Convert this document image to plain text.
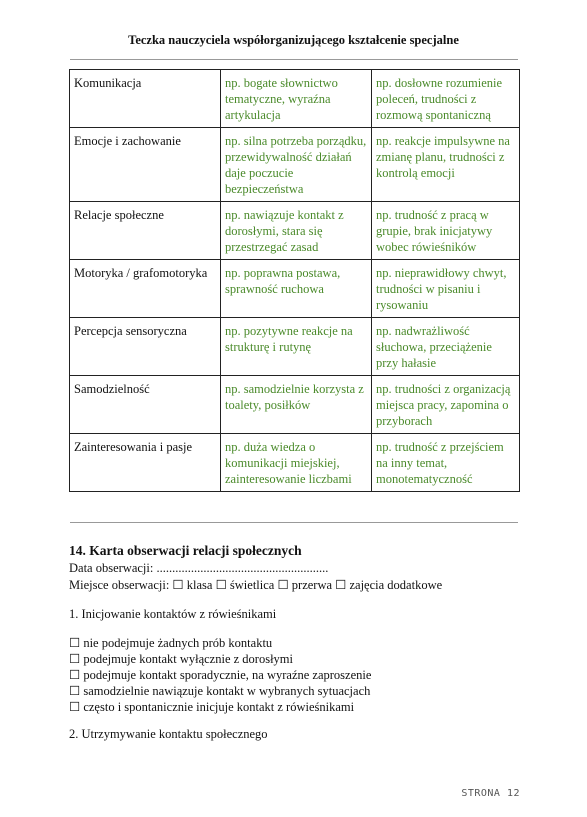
Teczka nauczyciela współorganizującego kształcenie specjalne
Komunikacja	np. bogate słownictwo tematyczne, wyraźna artykulacja	np. dosłowne rozumienie poleceń, trudności z rozmową spontaniczną
Emocje i zachowanie	np. silna potrzeba porządku, przewidywalność działań daje poczucie bezpieczeństwa	np. reakcje impulsywne na zmianę planu, trudności z kontrolą emocji
Relacje społeczne	np. nawiązuje kontakt z dorosłymi, stara się przestrzegać zasad	np. trudność z pracą w grupie, brak inicjatywy wobec rówieśników
Motoryka / grafomotoryka	np. poprawna postawa, sprawność ruchowa	np. nieprawidłowy chwyt, trudności w pisaniu i rysowaniu
Percepcja sensoryczna	np. pozytywne reakcje na strukturę i rutynę	np. nadwrażliwość słuchowa, przeciążenie przy hałasie
Samodzielność	np. samodzielnie korzysta z toalety, posiłków	np. trudności z organizacją miejsca pracy, zapomina o przyborach
Zainteresowania i pasje	np. duża wiedza o komunikacji miejskiej, zainteresowanie liczbami	np. trudność z przejściem na inny temat, monotematyczność
14. Karta obserwacji relacji społecznych
Data obserwacji: .......................................................
Miejsce obserwacji: ☐ klasa ☐ świetlica ☐ przerwa ☐ zajęcia dodatkowe
1. Inicjowanie kontaktów z rówieśnikami
☐ nie podejmuje żadnych prób kontaktu
☐ podejmuje kontakt wyłącznie z dorosłymi
☐ podejmuje kontakt sporadycznie, na wyraźne zaproszenie
☐ samodzielnie nawiązuje kontakt w wybranych sytuacjach
☐ często i spontanicznie inicjuje kontakt z rówieśnikami
2. Utrzymywanie kontaktu społecznego
STRONA 12
